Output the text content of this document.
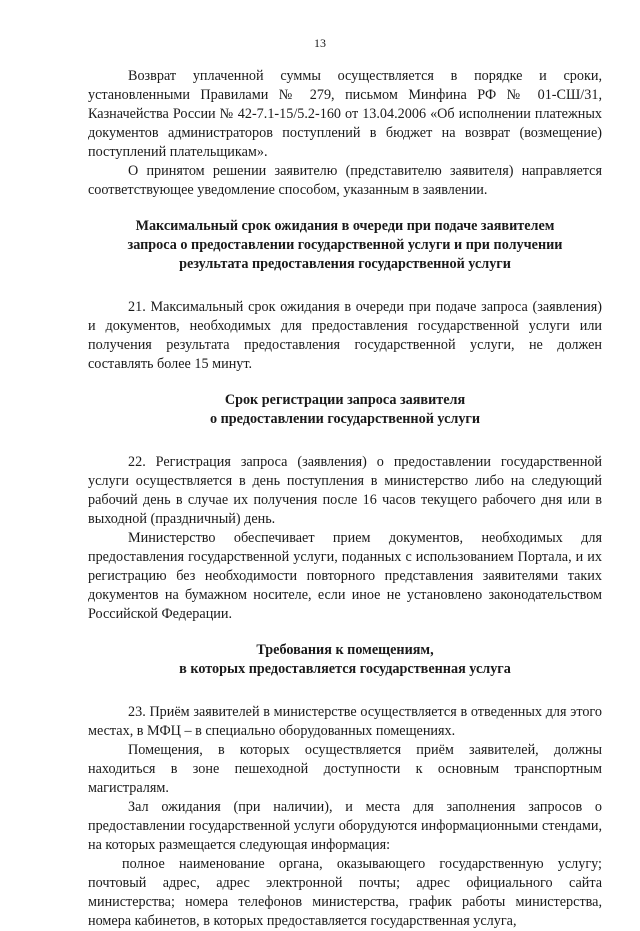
13

Возврат уплаченной суммы осуществляется в порядке и сроки, установленными Правилами № 279, письмом Минфина РФ № 01-СШ/31, Казначейства России № 42-7.1-15/5.2-160 от 13.04.2006 «Об исполнении платежных документов администраторов поступлений в бюджет на возврат (возмещение) поступлений плательщикам».

О принятом решении заявителю (представителю заявителя) направляется соответствующее уведомление способом, указанным в заявлении.

Максимальный срок ожидания в очереди при подаче заявителем
запроса о предоставлении государственной услуги и при получении
результата предоставления государственной услуги

21. Максимальный срок ожидания в очереди при подаче запроса (заявления) и документов, необходимых для предоставления государственной услуги или получения результата предоставления государственной услуги, не должен составлять более 15 минут.

Срок регистрации запроса заявителя
о предоставлении государственной услуги

22. Регистрация запроса (заявления) о предоставлении государственной услуги осуществляется в день поступления в министерство либо на следующий рабочий день в случае их получения после 16 часов текущего рабочего дня или в выходной (праздничный) день.

Министерство обеспечивает прием документов, необходимых для предоставления государственной услуги, поданных с использованием Портала, и их регистрацию без необходимости повторного представления заявителями таких документов на бумажном носителе, если иное не установлено законодательством Российской Федерации.

Требования к помещениям,
в которых предоставляется государственная услуга

23. Приём заявителей в министерстве осуществляется в отведенных для этого местах, в МФЦ – в специально оборудованных помещениях.

Помещения, в которых осуществляется приём заявителей, должны находиться в зоне пешеходной доступности к основным транспортным магистралям.

Зал ожидания (при наличии), и места для заполнения запросов о предоставлении государственной услуги оборудуются информационными стендами, на которых размещается следующая информация:

полное наименование органа, оказывающего государственную услугу; почтовый адрес, адрес электронной почты; адрес официального сайта министерства; номера телефонов министерства, график работы министерства, номера кабинетов, в которых предоставляется государственная услуга,
